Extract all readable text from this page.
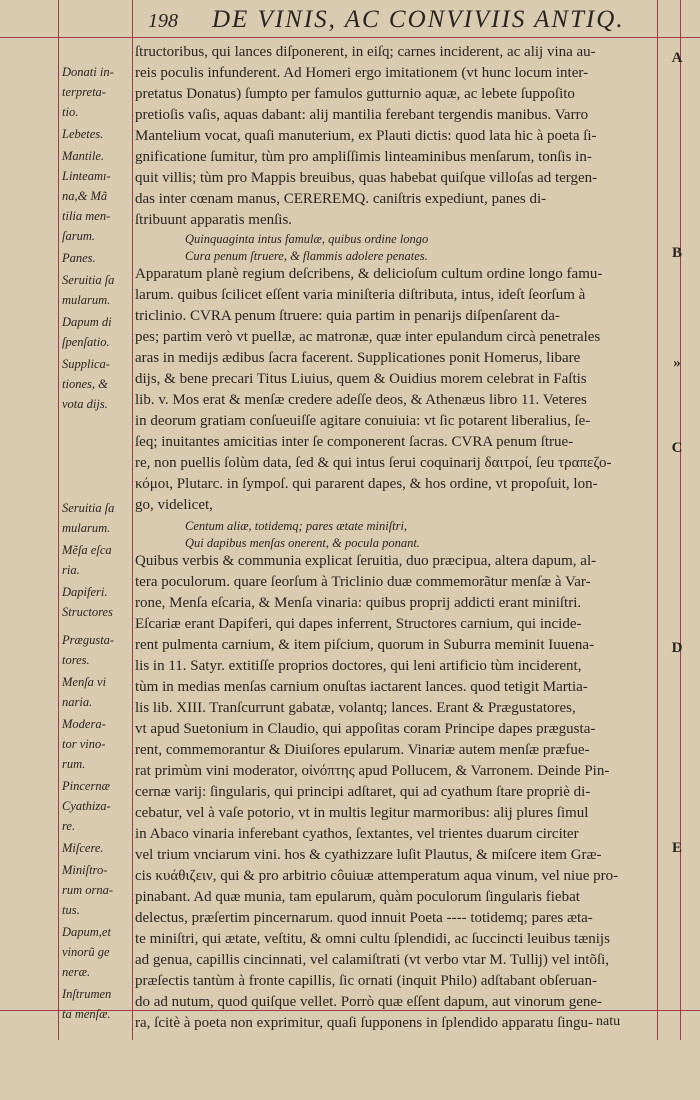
198 DE VINIS, AC CONVIVIIS ANTIQ.
Donati in-
terpreta-
tio.
Lebetes.
Mantile.
Linteamı-
na,& Mã
tilia men-
ſarum.
Panes.
Seruitia ſa
mularum.
Dapum di
ſpenſatio.
Supplica-
tiones, &
vota dijs.
Seruitia ſa
mularum.
Mẽſa eſca
ria.
Dapiferi.
Structores
Prægusta-
tores.
Menſa vi
naria.
Modera-
tor vino-
rum.
Pincernæ
Cyathiza-
re.
Miſcere.
Miniſtro-
rum orna-
tus.
Dapum,et
vinorũ ge
neræ.
Inſtrumen
ta menſæ.
ſtructoribus, qui lances diſponerent, in eiſq; carnes inciderent, ac alij vina au-
reis poculis infunderent. Ad Homeri ergo imitationem (vt hunc locum inter-
pretatus Donatus) ſumpto per famulos gutturnio aquæ, ac lebete ſuppoſito
pretioſis vaſis, aquas dabant: alij mantilia ferebant tergendis manibus. Varro
Mantelium vocat, quaſi manuterium, ex Plauti dictis: quod lata hic à poeta ſi-
gnificatione ſumitur, tùm pro ampliſſimis linteaminibus menſarum, tonſis in-
quit villis; tùm pro Mappis breuibus, quas habebat quiſque villoſas ad tergen-
das inter cœnam manus, CEREREMQ. caniſtris expediunt, panes di-
ſtribuunt apparatis menſis.
Quinquaginta intus famulæ, quibus ordine longo
Cura penum ſtruere, & flammis adolere penates.
Apparatum planè regium deſcribens, & delicioſum cultum ordine longo famu-
larum. quibus ſcilicet eſſent varia miniſteria diſtributa, intus, ideſt ſeorſum à
triclinio. CVRA penum ſtruere: quia partim in penarijs diſpenſarent da-
pes; partim verò vt puellæ, ac matronæ, quæ inter epulandum circà penetrales
aras in medijs ædibus ſacra facerent. Supplicationes ponit Homerus, libare
dijs, & bene precari Titus Liuius, quem & Ouidius morem celebrat in Faſtis
lib. v. Mos erat & menſæ credere adeſſe deos, & Athenæus libro 11. Veteres
in deorum gratiam conſueuiſſe agitare conuiuia: vt ſic potarent liberalius, ſe-
ſeq; inuitantes amicitias inter ſe componerent ſacras. CVRA penum ſtrue-
re, non puellis ſolùm data, ſed & qui intus ſerui coquinarij δαιτροί, ſeu τραπεζο-
κόμοι, Plutarc. in ſympoſ. qui pararent dapes, & hos ordine, vt propoſuit, lon-
go, videlicet,
Centum aliæ, totidemq; pares ætate miniſtri,
Qui dapibus menſas onerent, & pocula ponant.
Quibus verbis & communia explicat ſeruitia, duo præcipua, altera dapum, al-
tera poculorum. quare ſeorſum à Triclinio duæ commemorãtur menſæ à Var-
rone, Menſa eſcaria, & Menſa vinaria: quibus proprij addicti erant miniſtri.
Eſcariæ erant Dapiferi, qui dapes inferrent, Structores carnium, qui incide-
rent pulmenta carnium, & item piſcium, quorum in Suburra meminit Iuuena-
lis in 11. Satyr. extitiſſe proprios doctores, qui leni artificio tùm inciderent,
tùm in medias menſas carnium onuſtas iactarent lances. quod tetigit Martia-
lis lib. XIII. Tranſcurrunt gabatæ, volantq; lances. Erant & Prægustatores,
vt apud Suetonium in Claudio, qui appoſitas coram Principe dapes prægusta-
rent, commemorantur & Diuiſores epularum. Vinariæ autem menſæ præfue-
rat primùm vini moderator, οἰνόπτης apud Pollucem, & Varronem. Deinde Pin-
cernæ varij: ſingularis, qui principi adſtaret, qui ad cyathum ſtare propriè di-
cebatur, vel à vaſe potorio, vt in multis legitur marmoribus: alij plures ſimul
in Abaco vinaria inferebant cyathos, ſextantes, vel trientes duarum circiter
vel trium vnciarum vini. hos & cyathizzare luſit Plautus, & miſcere item Græ-
cis κυάθιζειν, qui & pro arbitrio côuiuæ attemperatum aqua vinum, vel niue pro-
pinabant. Ad quæ munia, tam epularum, quàm poculorum ſingularis fiebat
delectus, præſertim pincernarum. quod innuit Poeta ---- totidemq; pares æta-
te miniſtri, qui ætate, veſtitu, & omni cultu ſplendidi, ac ſuccincti leuibus tænijs
ad genua, capillis cincinnati, vel calamiſtrati (vt verbo vtar M. Tullij) vel intõſi,
præſectis tantùm à fronte capillis, ſic ornati (inquit Philo) adſtabant obſeruan-
do ad nutum, quod quiſque vellet. Porrò quæ eſſent dapum, aut vinorum gene-
ra, ſcitè à poeta non exprimitur, quaſi ſupponens in ſplendido apparatu ſingu- natu
A
B
»
C
D
E
